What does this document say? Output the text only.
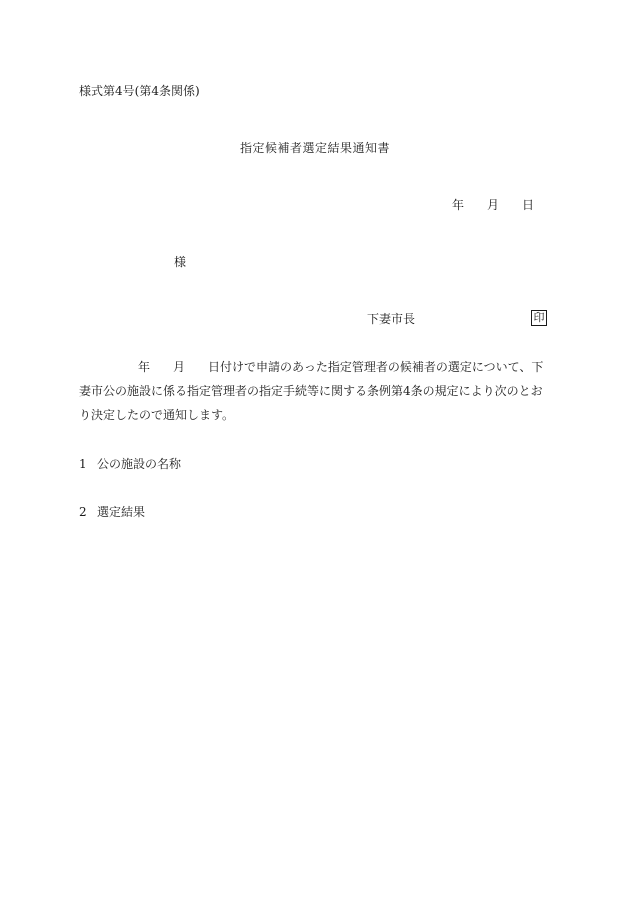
様式第4号(第4条関係)
指定候補者選定結果通知書
年 月 日
様
下妻市長	印
年 月 日付けで申請のあった指定管理者の候補者の選定について、下妻市公の施設に係る指定管理者の指定手続等に関する条例第4条の規定により次のとおり決定したので通知します。
1 公の施設の名称
2 選定結果
